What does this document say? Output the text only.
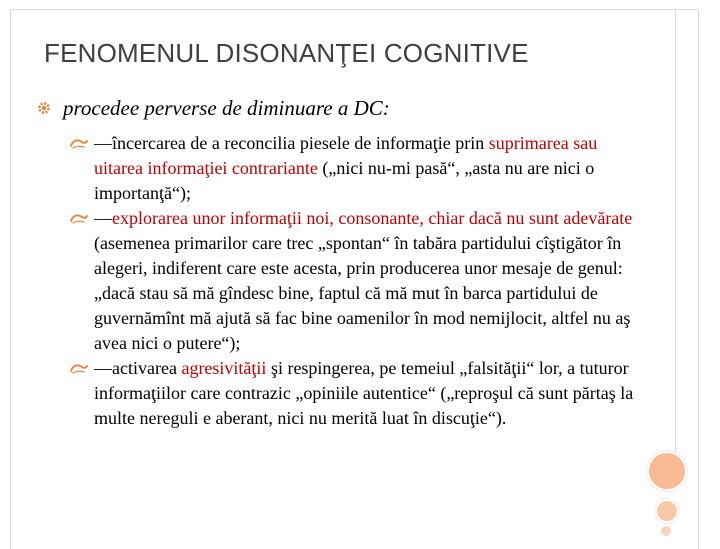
FENOMENUL DISONANŢEI COGNITIVE
procedee perverse de diminuare a DC:
—încercarea de a reconcilia piesele de informaţie prin suprimarea sau uitarea informaţiei contrariante („nici nu-mi pasă“, „asta nu are nici o importanţă“);
—explorarea unor informaţii noi, consonante, chiar dacă nu sunt adevărate (asemenea primarilor care trec „spontan“ în tabăra partidului cîştigător în alegeri, indiferent care este acesta, prin producerea unor mesaje de genul: „dacă stau să mă gîndesc bine, faptul că mă mut în barca partidului de guvernămînt mă ajută să fac bine oamenilor în mod nemijlocit, altfel nu aş avea nici o putere“);
—activarea agresivităţii şi respingerea, pe temeiul „falsităţii“ lor, a tuturor informaţiilor care contrazic „opiniile autentice“ („reproşul că sunt părtaş la multe nereguli e aberant, nici nu merită luat în discuţie“).
